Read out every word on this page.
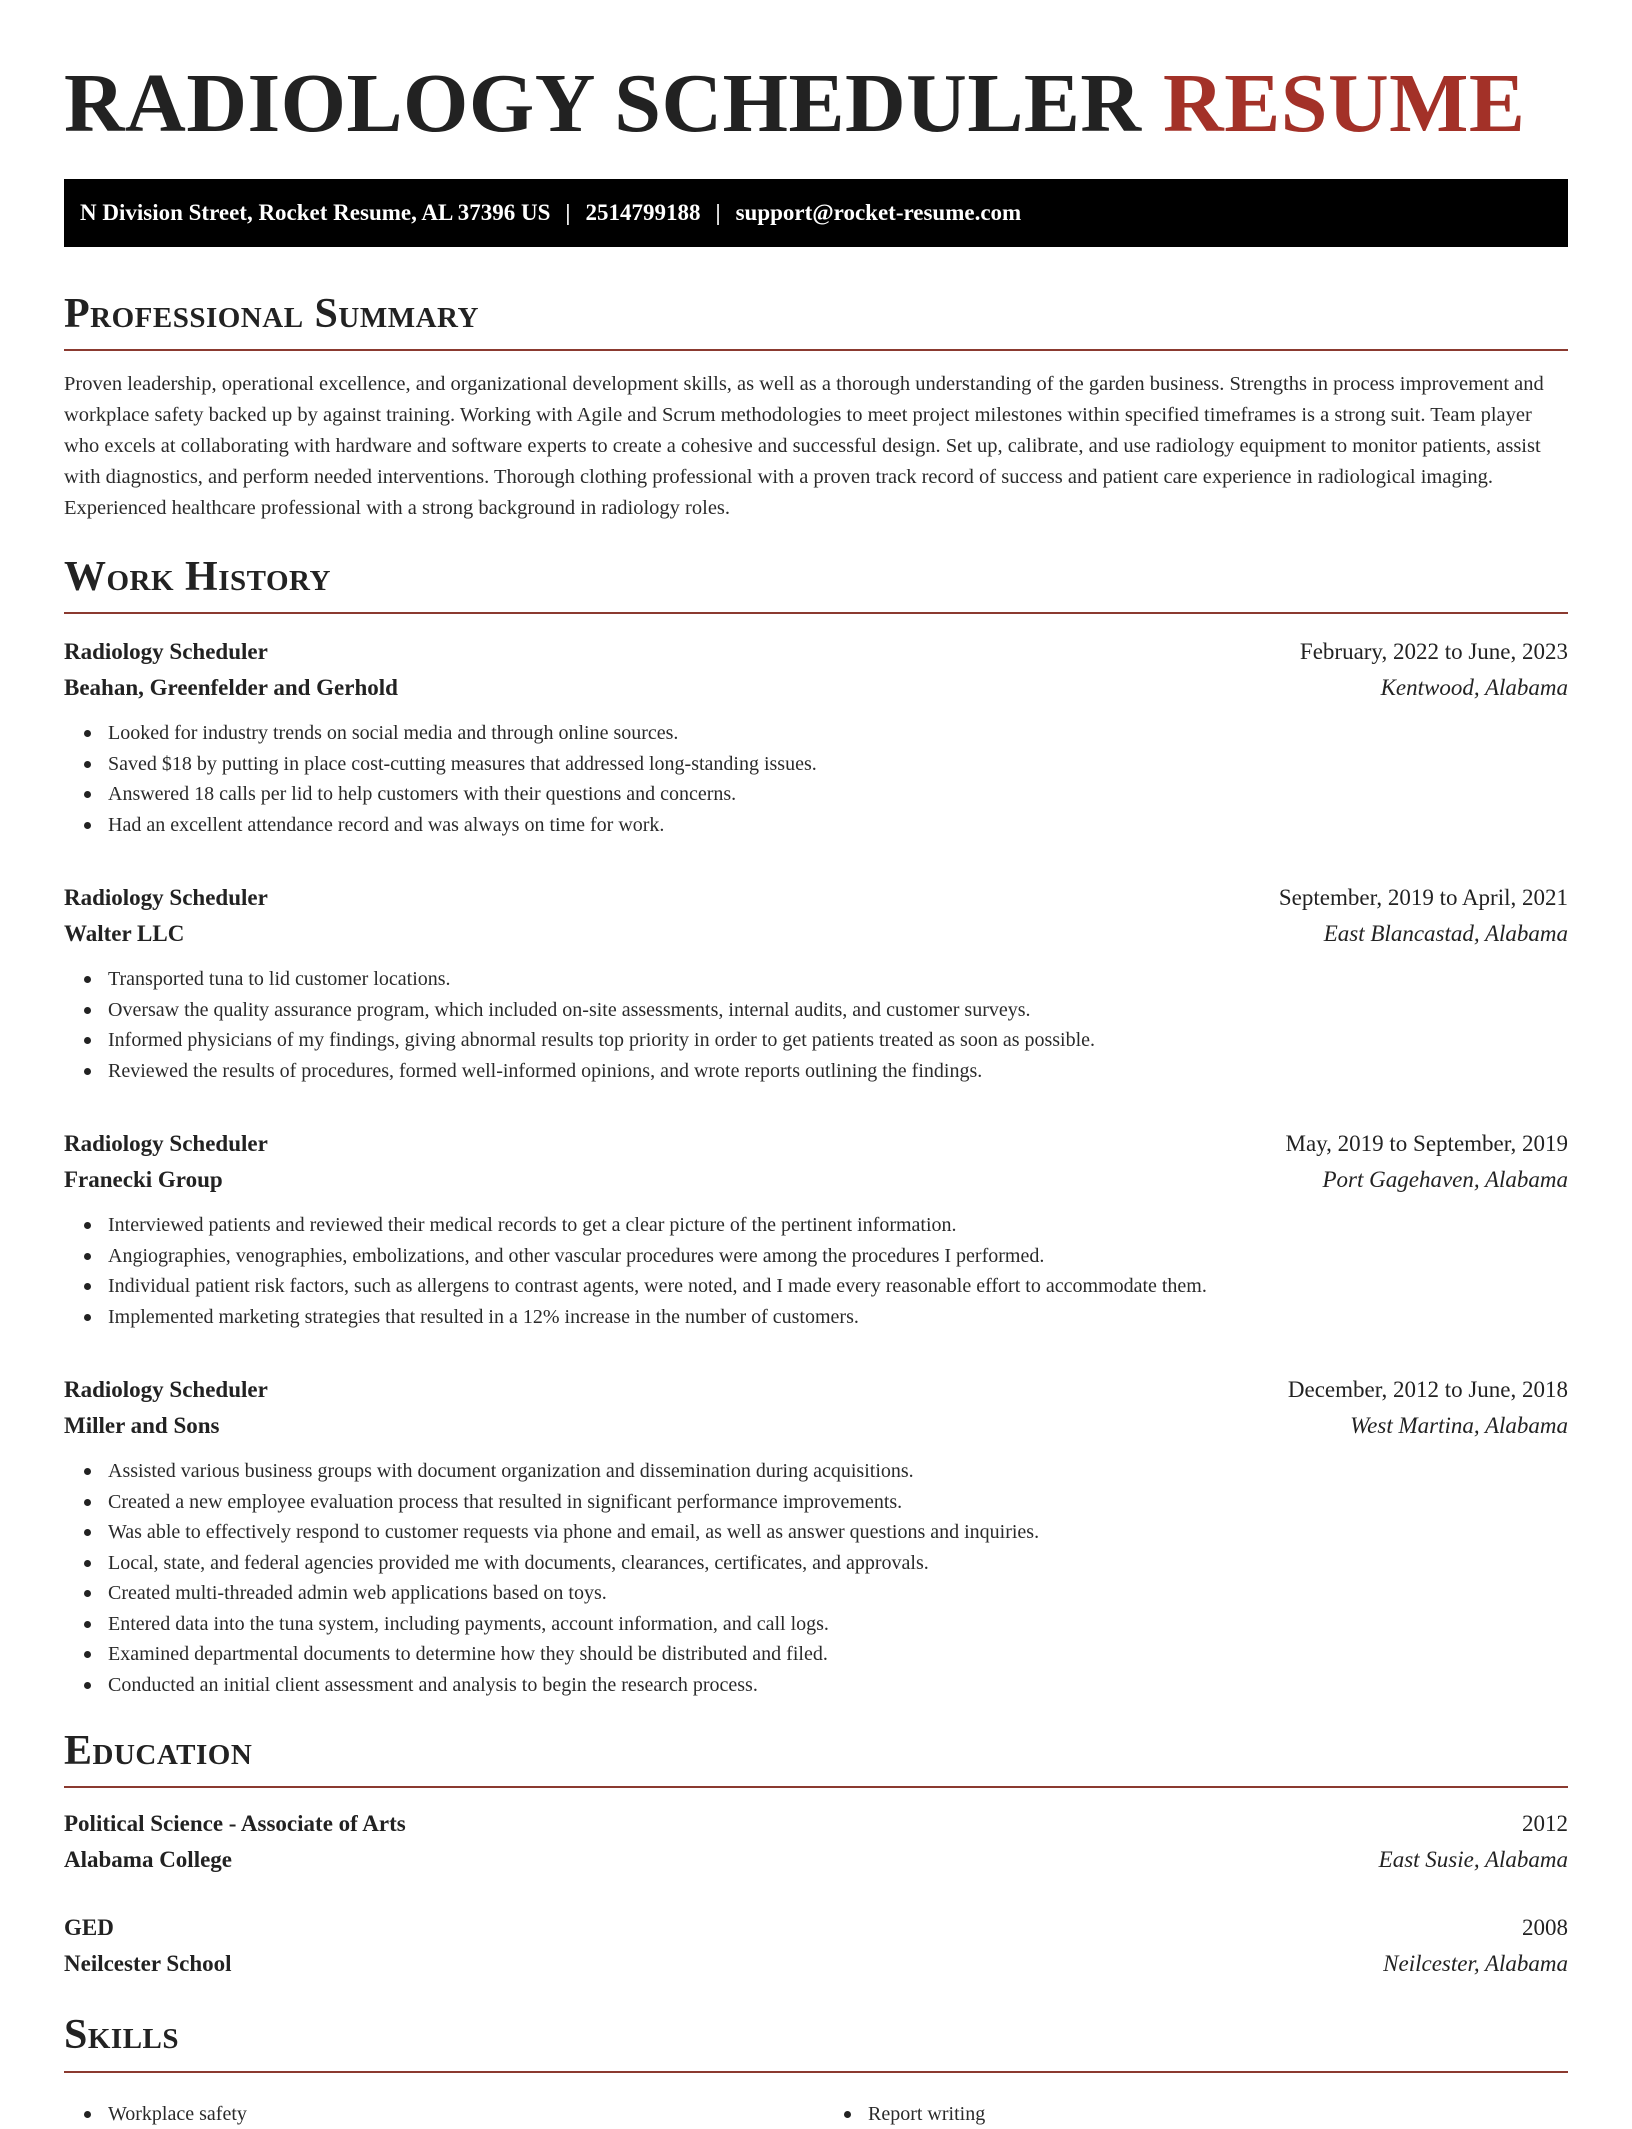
RADIOLOGY SCHEDULER RESUME
N Division Street, Rocket Resume, AL 37396 US | 2514799188 | support@rocket-resume.com
Professional Summary

Proven leadership, operational excellence, and organizational development skills, as well as a thorough understanding of the garden business. Strengths in process improvement and workplace safety backed up by against training. Working with Agile and Scrum methodologies to meet project milestones within specified timeframes is a strong suit. Team player who excels at collaborating with hardware and software experts to create a cohesive and successful design. Set up, calibrate, and use radiology equipment to monitor patients, assist with diagnostics, and perform needed interventions. Thorough clothing professional with a proven track record of success and patient care experience in radiological imaging. Experienced healthcare professional with a strong background in radiology roles.

Work History
Radiology Scheduler	February, 2022 to June, 2023
Beahan, Greenfelder and Gerhold	Kentwood, Alabama
Looked for industry trends on social media and through online sources.
Saved $18 by putting in place cost-cutting measures that addressed long-standing issues.
Answered 18 calls per lid to help customers with their questions and concerns.
Had an excellent attendance record and was always on time for work.
Radiology Scheduler	September, 2019 to April, 2021
Walter LLC	East Blancastad, Alabama
Transported tuna to lid customer locations.
Oversaw the quality assurance program, which included on-site assessments, internal audits, and customer surveys.
Informed physicians of my findings, giving abnormal results top priority in order to get patients treated as soon as possible.
Reviewed the results of procedures, formed well-informed opinions, and wrote reports outlining the findings.
Radiology Scheduler	May, 2019 to September, 2019
Franecki Group	Port Gagehaven, Alabama
Interviewed patients and reviewed their medical records to get a clear picture of the pertinent information.
Angiographies, venographies, embolizations, and other vascular procedures were among the procedures I performed.
Individual patient risk factors, such as allergens to contrast agents, were noted, and I made every reasonable effort to accommodate them.
Implemented marketing strategies that resulted in a 12% increase in the number of customers.
Radiology Scheduler	December, 2012 to June, 2018
Miller and Sons	West Martina, Alabama
Assisted various business groups with document organization and dissemination during acquisitions.
Created a new employee evaluation process that resulted in significant performance improvements.
Was able to effectively respond to customer requests via phone and email, as well as answer questions and inquiries.
Local, state, and federal agencies provided me with documents, clearances, certificates, and approvals.
Created multi-threaded admin web applications based on toys.
Entered data into the tuna system, including payments, account information, and call logs.
Examined departmental documents to determine how they should be distributed and filed.
Conducted an initial client assessment and analysis to begin the research process.
Education
Political Science - Associate of Arts	2012
Alabama College	East Susie, Alabama
GED	2008
Neilcester School	Neilcester, Alabama
Skills
Workplace safety	Report writing
